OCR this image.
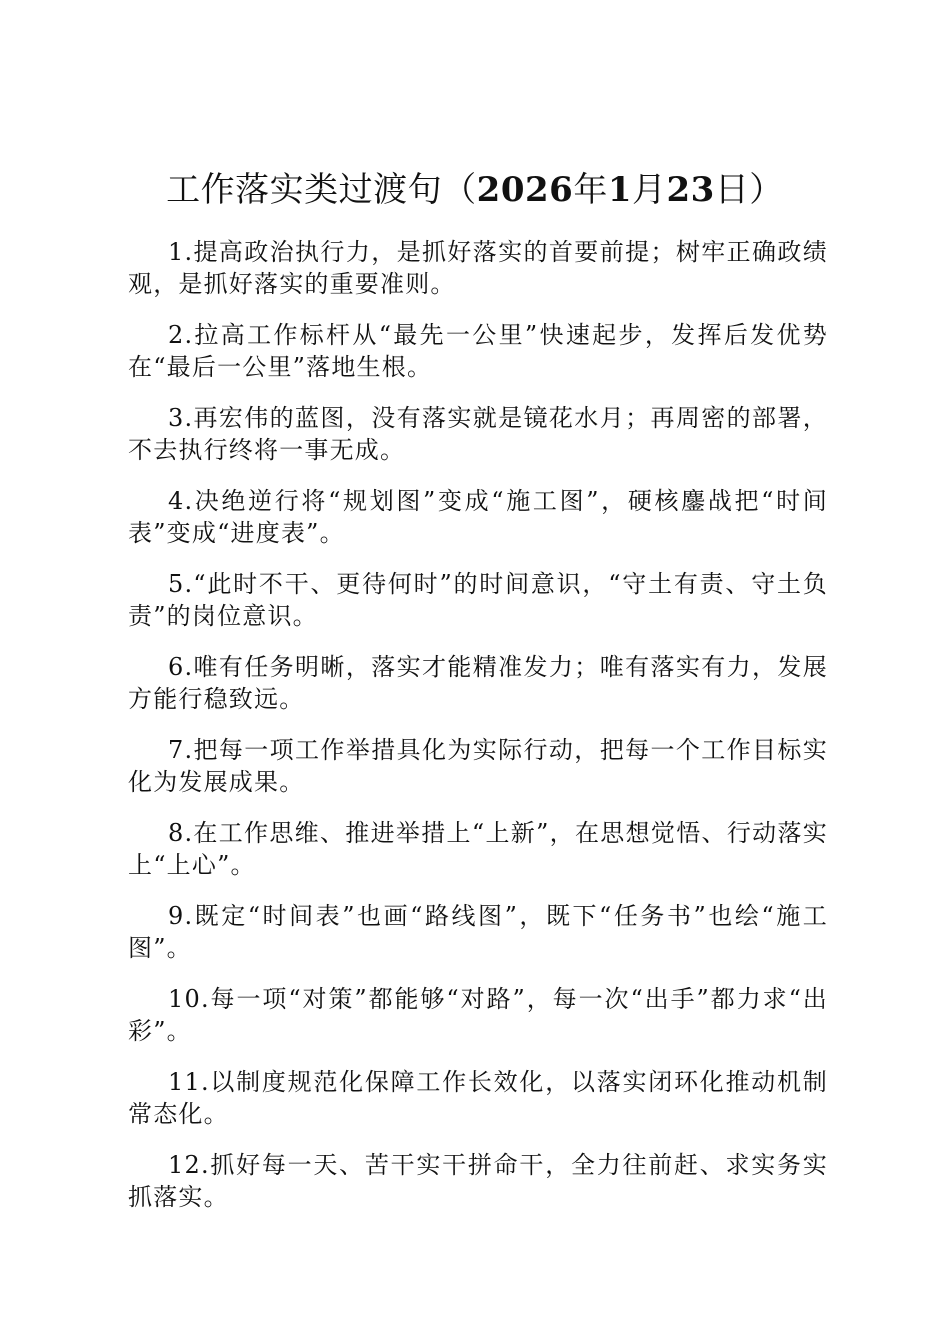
工作落实类过渡句（2026年1月23日）

1.提高政治执行力，是抓好落实的首要前提；树牢正确政绩观，是抓好落实的重要准则。

2.拉高工作标杆从“最先一公里”快速起步，发挥后发优势在“最后一公里”落地生根。

3.再宏伟的蓝图，没有落实就是镜花水月；再周密的部署，不去执行终将一事无成。

4.决绝逆行将“规划图”变成“施工图”，硬核鏖战把“时间表”变成“进度表”。

5.“此时不干、更待何时”的时间意识，“守土有责、守土负责”的岗位意识。

6.唯有任务明晰，落实才能精准发力；唯有落实有力，发展方能行稳致远。

7.把每一项工作举措具化为实际行动，把每一个工作目标实化为发展成果。

8.在工作思维、推进举措上“上新”，在思想觉悟、行动落实上“上心”。

9.既定“时间表”也画“路线图”，既下“任务书”也绘“施工图”。

10.每一项“对策”都能够“对路”，每一次“出手”都力求“出彩”。

11.以制度规范化保障工作长效化，以落实闭环化推动机制常态化。

12.抓好每一天、苦干实干拼命干，全力往前赶、求实务实抓落实。
